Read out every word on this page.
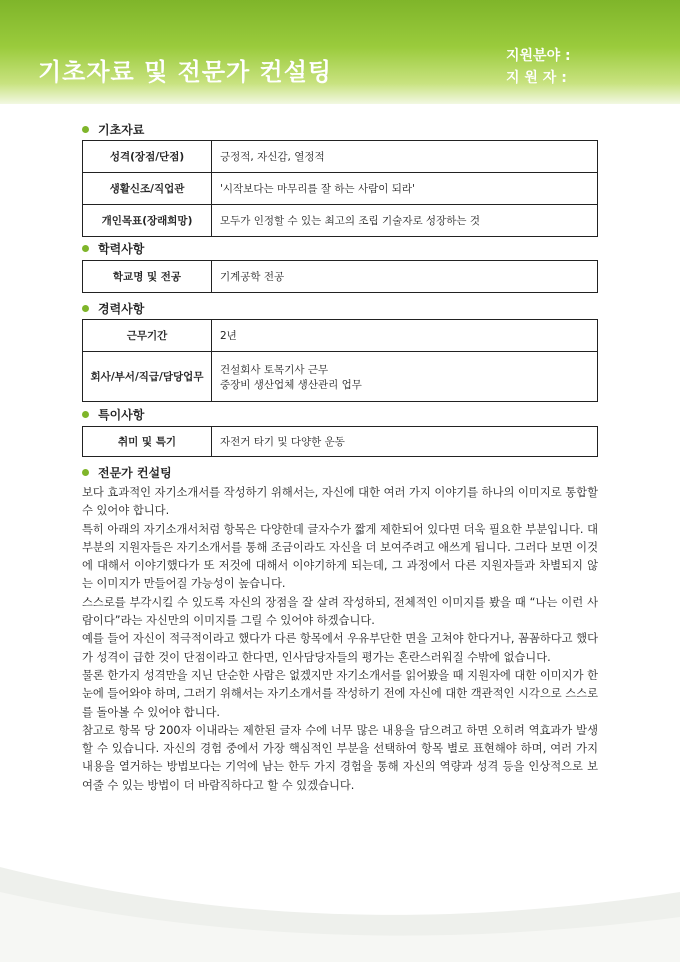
기초자료 및 전문가 컨설팅
지원분야 :
지 원 자 :
기초자료
성격(장점/단점)	긍정적, 자신감, 열정적
생활신조/직업관	'시작보다는 마무리를 잘 하는 사람이 되라'
개인목표(장래희망)	모두가 인정할 수 있는 최고의 조립 기술자로 성장하는 것
학력사항
학교명 및 전공	기계공학 전공
경력사항
근무기간	2년
회사/부서/직급/담당업무	건설회사 토목기사 근무
중장비 생산업체 생산관리 업무
특이사항
취미 및 특기	자전거 타기 및 다양한 운동
전문가 컨설팅

보다 효과적인 자기소개서를 작성하기 위해서는, 자신에 대한 여러 가지 이야기를 하나의 이미지로 통합할 수 있어야 합니다.

특히 아래의 자기소개서처럼 항목은 다양한데 글자수가 짧게 제한되어 있다면 더욱 필요한 부분입니다. 대부분의 지원자들은 자기소개서를 통해 조금이라도 자신을 더 보여주려고 애쓰게 됩니다. 그러다 보면 이것에 대해서 이야기했다가 또 저것에 대해서 이야기하게 되는데, 그 과정에서 다른 지원자들과 차별되지 않는 이미지가 만들어질 가능성이 높습니다.

스스로를 부각시킬 수 있도록 자신의 장점을 잘 살려 작성하되, 전체적인 이미지를 봤을 때 “나는 이런 사람이다”라는 자신만의 이미지를 그릴 수 있어야 하겠습니다.

예를 들어 자신이 적극적이라고 했다가 다른 항목에서 우유부단한 면을 고쳐야 한다거나, 꼼꼼하다고 했다가 성격이 급한 것이 단점이라고 한다면, 인사담당자들의 평가는 혼란스러워질 수밖에 없습니다.

물론 한가지 성격만을 지닌 단순한 사람은 없겠지만 자기소개서를 읽어봤을 때 지원자에 대한 이미지가 한 눈에 들어와야 하며, 그러기 위해서는 자기소개서를 작성하기 전에 자신에 대한 객관적인 시각으로 스스로를 돌아볼 수 있어야 합니다.

참고로 항목 당 200자 이내라는 제한된 글자 수에 너무 많은 내용을 담으려고 하면 오히려 역효과가 발생할 수 있습니다. 자신의 경험 중에서 가장 핵심적인 부분을 선택하여 항목 별로 표현해야 하며, 여러 가지 내용을 열거하는 방법보다는 기억에 남는 한두 가지 경험을 통해 자신의 역량과 성격 등을 인상적으로 보여줄 수 있는 방법이 더 바람직하다고 할 수 있겠습니다.
